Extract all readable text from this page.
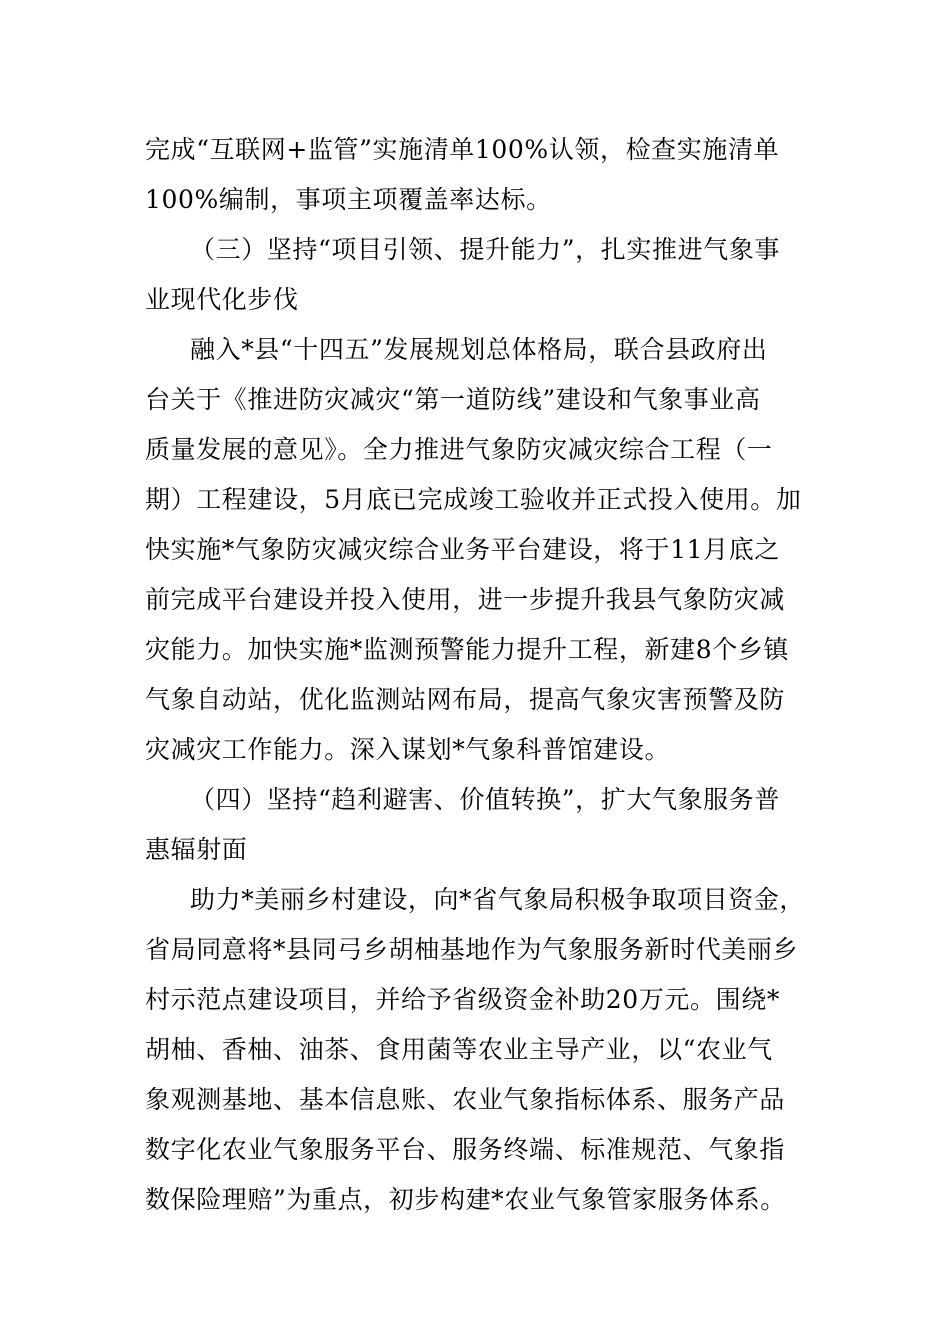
完成“互联网+监管”实施清单100%认领，检查实施清单
100%编制，事项主项覆盖率达标。
（三）坚持“项目引领、提升能力”，扎实推进气象事
业现代化步伐
融入*县“十四五”发展规划总体格局，联合县政府出
台关于《推进防灾减灾“第一道防线”建设和气象事业高
质量发展的意见》。全力推进气象防灾减灾综合工程（一
期）工程建设，5月底已完成竣工验收并正式投入使用。加
快实施*气象防灾减灾综合业务平台建设，将于11月底之
前完成平台建设并投入使用，进一步提升我县气象防灾减
灾能力。加快实施*监测预警能力提升工程，新建8个乡镇
气象自动站，优化监测站网布局，提高气象灾害预警及防
灾减灾工作能力。深入谋划*气象科普馆建设。
（四）坚持“趋利避害、价值转换”，扩大气象服务普
惠辐射面
助力*美丽乡村建设，向*省气象局积极争取项目资金，
省局同意将*县同弓乡胡柚基地作为气象服务新时代美丽乡
村示范点建设项目，并给予省级资金补助20万元。围绕*
胡柚、香柚、油茶、食用菌等农业主导产业，以“农业气
象观测基地、基本信息账、农业气象指标体系、服务产品
数字化农业气象服务平台、服务终端、标准规范、气象指
数保险理赔”为重点，初步构建*农业气象管家服务体系。
